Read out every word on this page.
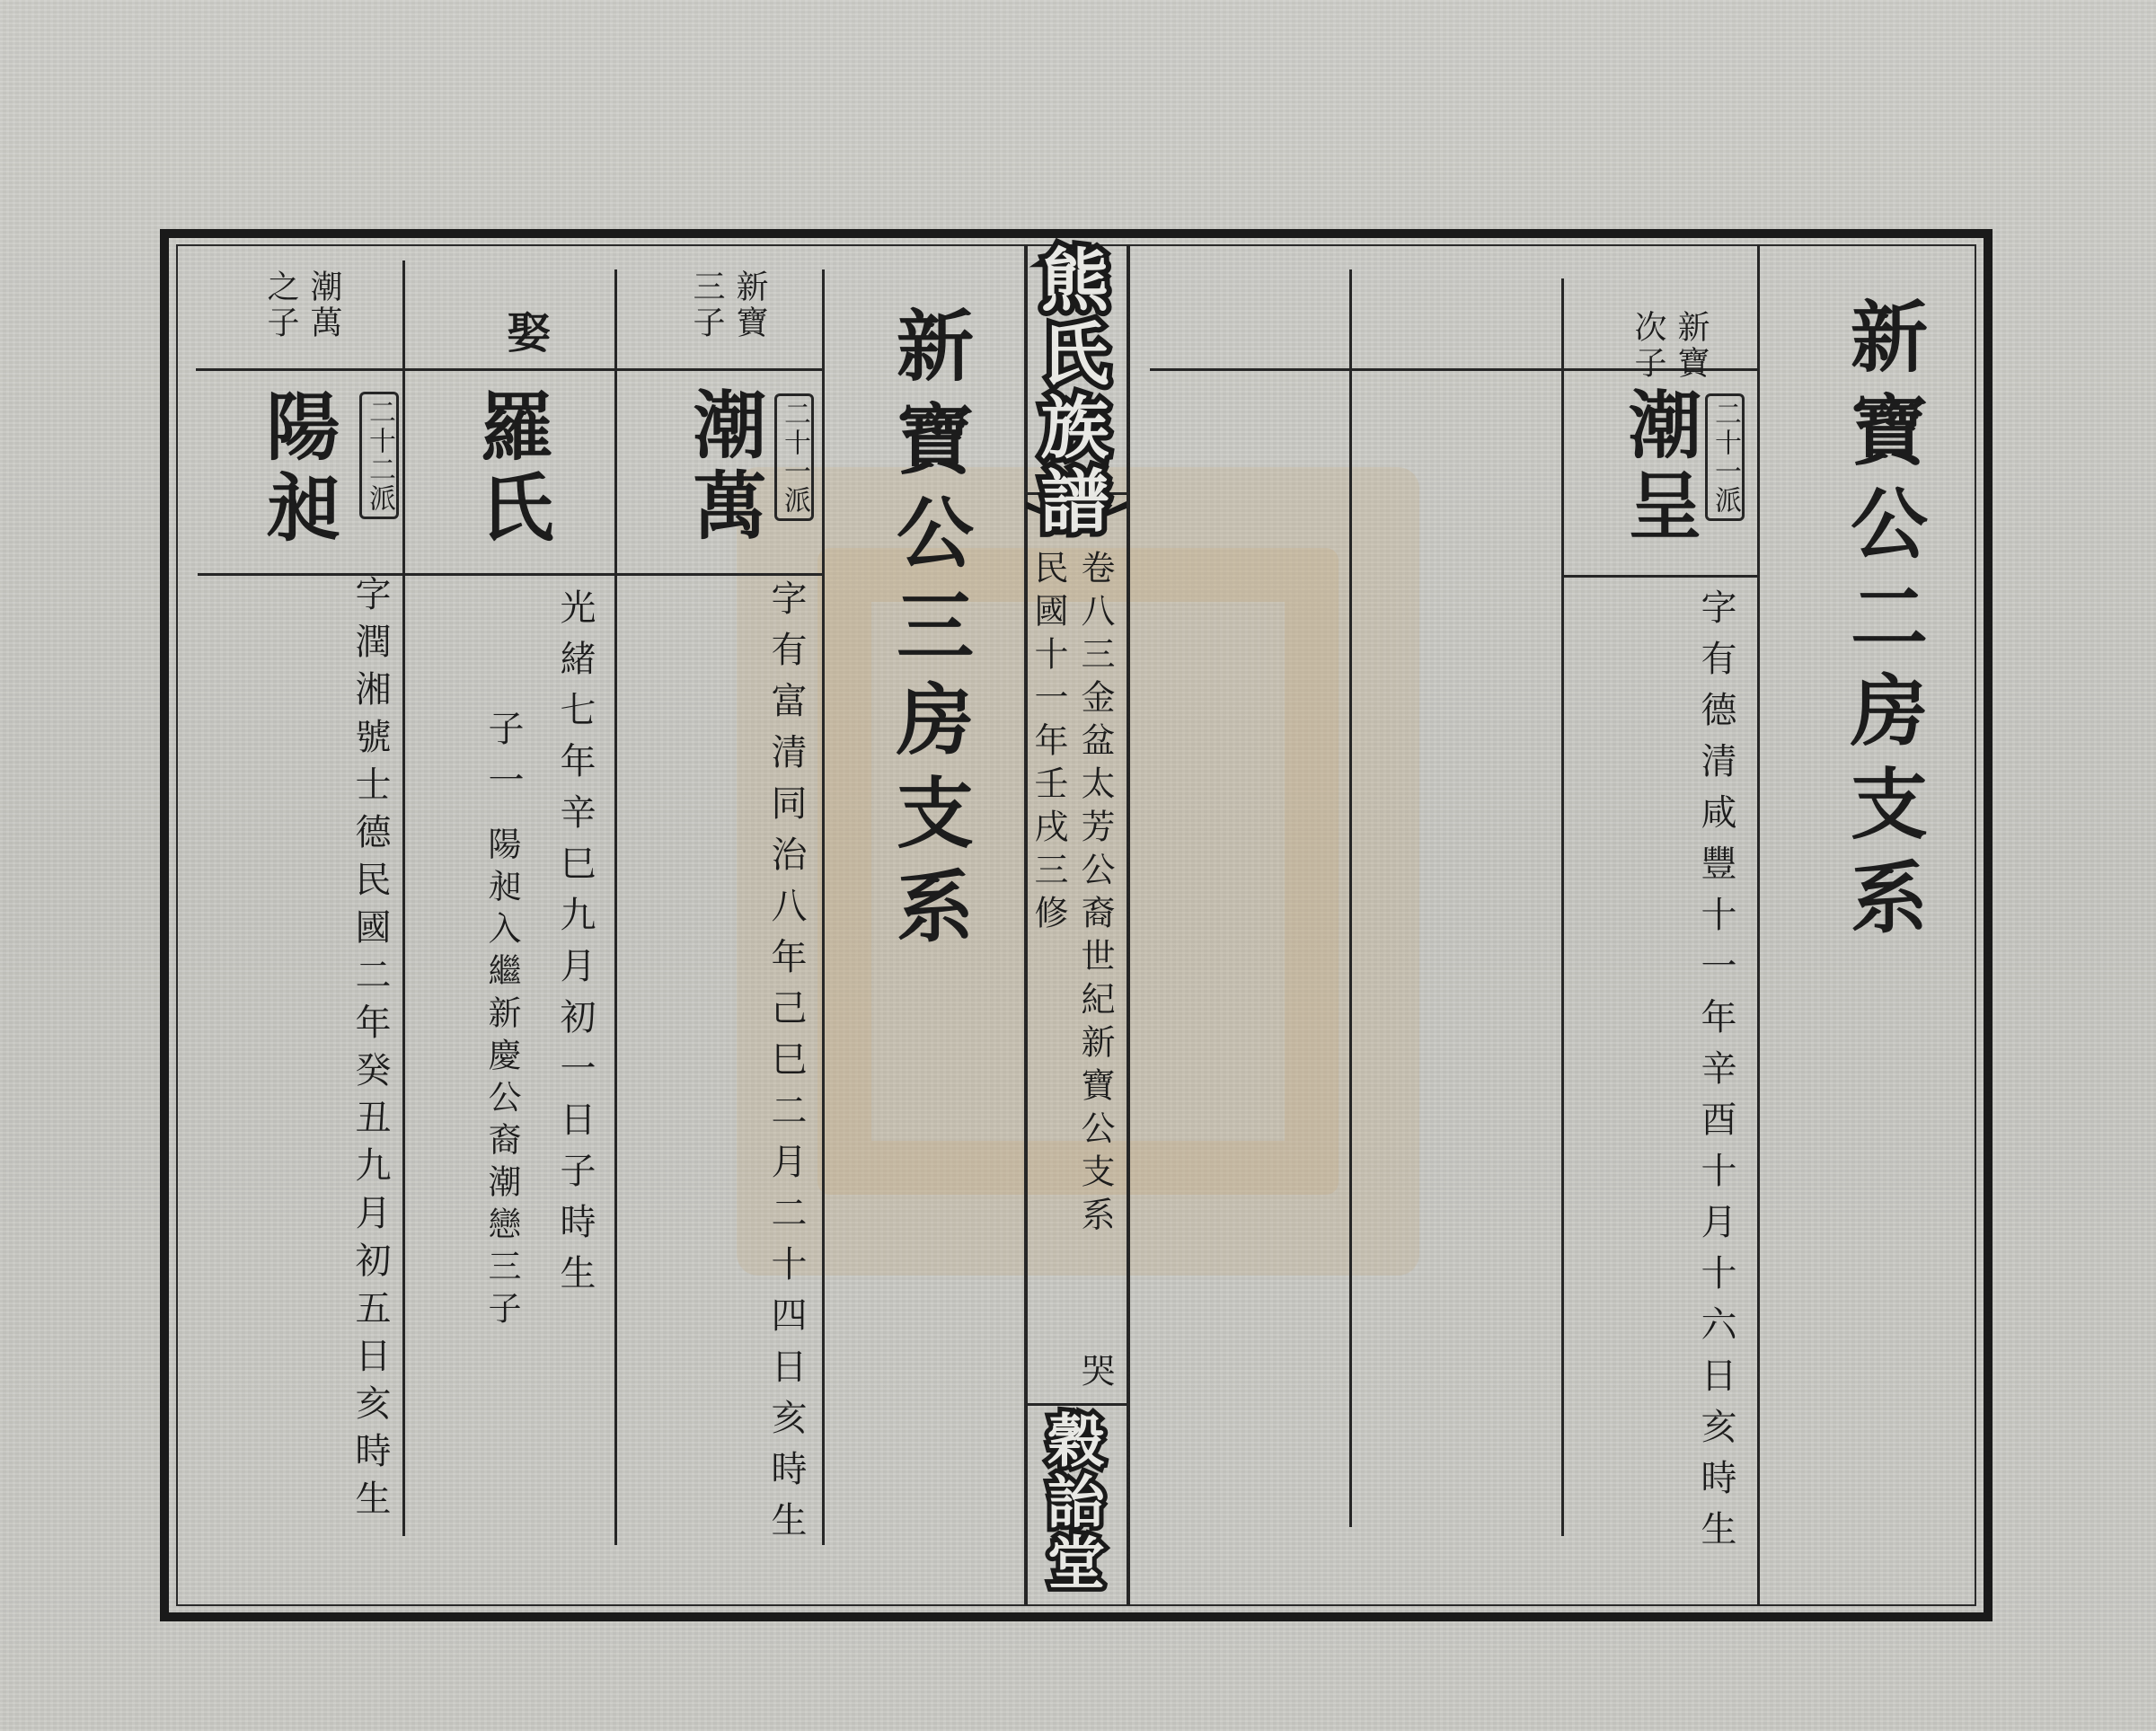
熊氏族譜

卷八三金盆太芳公裔世紀新寶公支系

哭

民國十一年壬戌三修

穀詒堂

新寶公二房支系

新寶

次子

二十一派

潮呈

字有德清咸豐十一年辛酉十月十六日亥時生

新寶公三房支系

新寶

三子

二十一派

潮萬

字有富清同治八年己巳二月二十四日亥時生

娶

羅氏

光緒七年辛巳九月初一日子時生

子一

陽昶入繼新慶公裔潮戀三子

潮萬

之子

二十二派

陽昶

字潤湘號士德民國二年癸丑九月初五日亥時生
